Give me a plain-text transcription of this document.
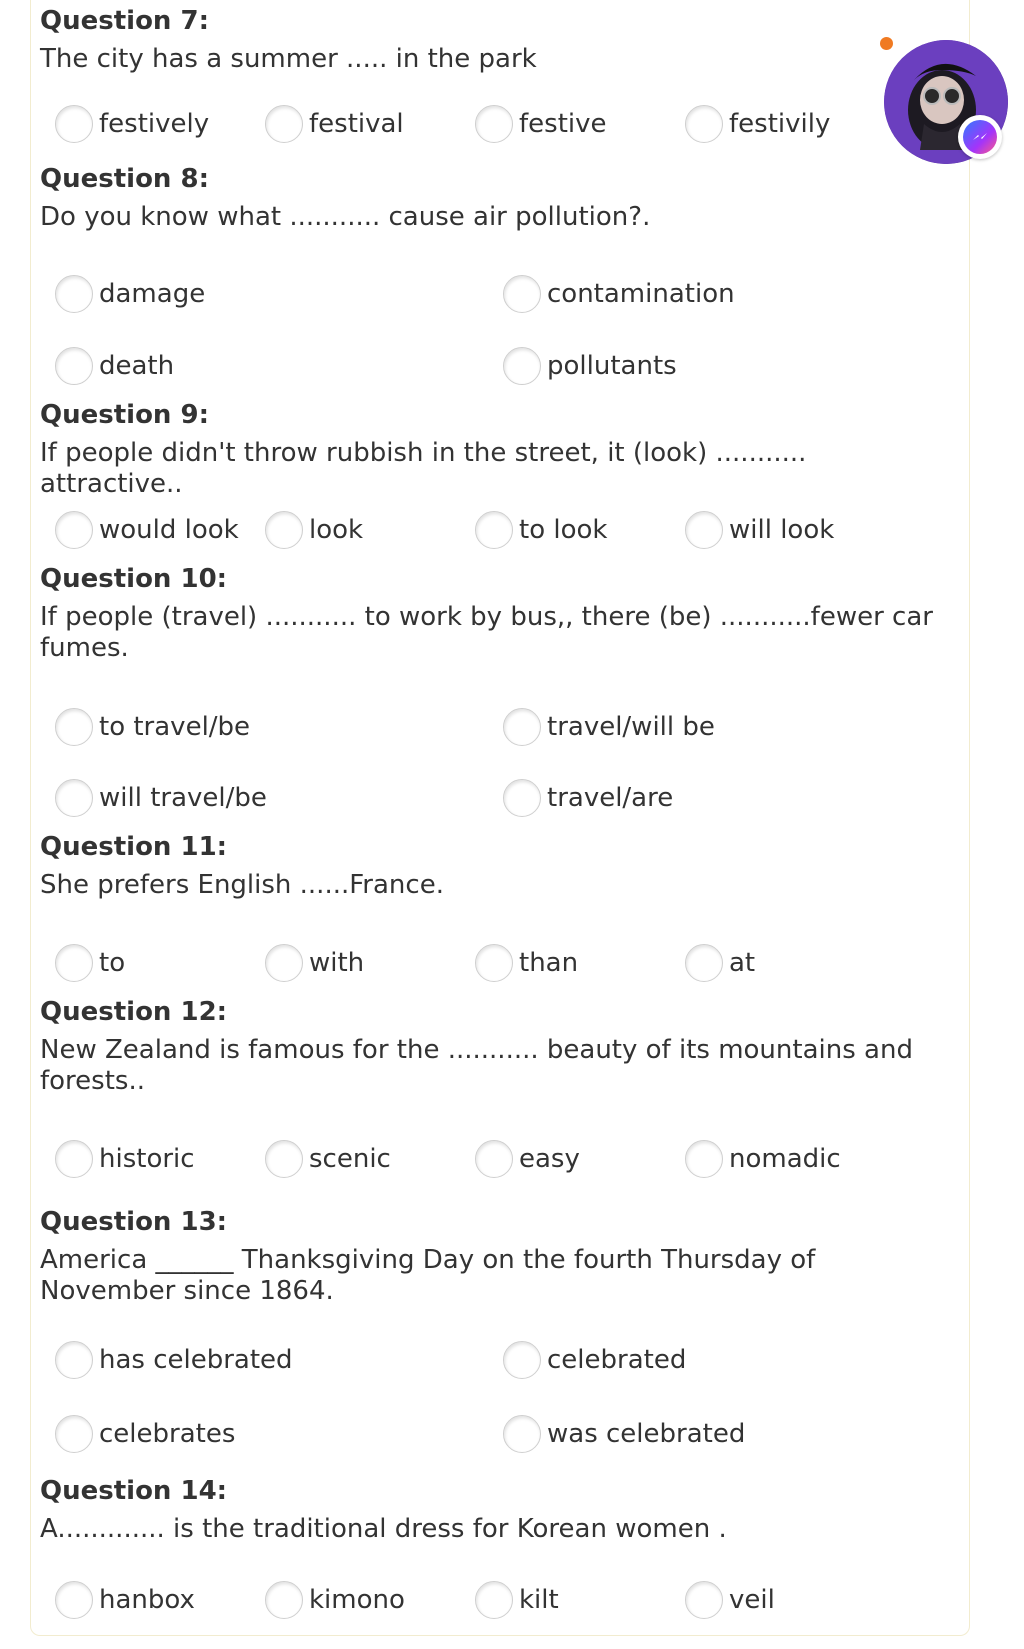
Question 7:
The city has a summer ..... in the park
festively	festival	festive	festivily
Question 8:
Do you know what ........... cause air pollution?.
damage	contamination
death	pollutants
Question 9:
If people didn't throw rubbish in the street, it (look) ........... attractive..
would look	look	to look	will look
Question 10:
If people (travel) ........... to work by bus,, there (be) ...........fewer car fumes.
to travel/be	travel/will be
will travel/be	travel/are
Question 11:
She prefers English ......France.
to	with	than	at
Question 12:
New Zealand is famous for the ........... beauty of its mountains and forests..
historic	scenic	easy	nomadic
Question 13:
America ______ Thanksgiving Day on the fourth Thursday of November since 1864.
has celebrated	celebrated
celebrates	was celebrated
Question 14:
A............. is the traditional dress for Korean women .
hanbox	kimono	kilt	veil
